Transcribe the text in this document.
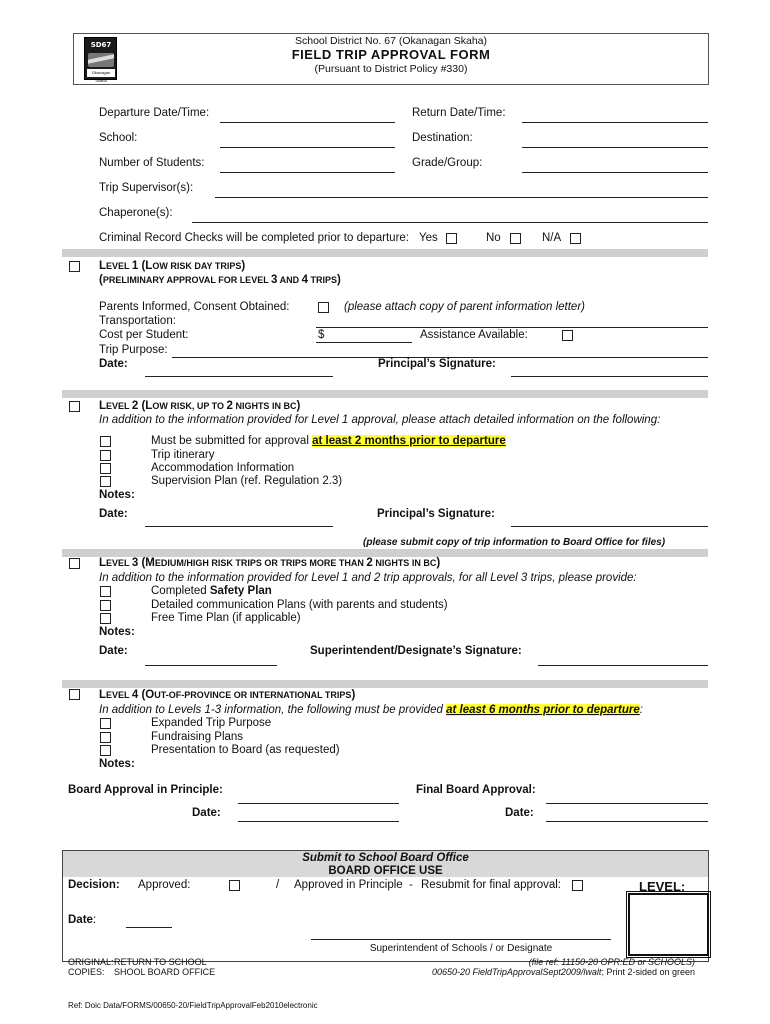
SD67
Okanagan Skaha
School District No. 67 (Okanagan Skaha)
FIELD TRIP APPROVAL FORM
(Pursuant to District Policy #330)
Departure Date/Time:	Return Date/Time:
School:	Destination:
Number of Students:	Grade/Group:
Trip Supervisor(s):
Chaperone(s):
Criminal Record Checks will be completed prior to departure: Yes	No	N/A
LEVEL 1 (LOW RISK DAY TRIPS)
(PRELIMINARY APPROVAL FOR LEVEL 3 AND 4 TRIPS)
Parents Informed, Consent Obtained:	(please attach copy of parent information letter)
Transportation:
Cost per Student:	$	Assistance Available:
Trip Purpose:
Date:	Principal’s Signature:
LEVEL 2 (LOW RISK, UP TO 2 NIGHTS IN BC)
In addition to the information provided for Level 1 approval, please attach detailed information on the following:
Must be submitted for approval at least 2 months prior to departure
Trip itinerary
Accommodation Information
Supervision Plan (ref. Regulation 2.3)
Notes:
Date:	Principal’s Signature:
(please submit copy of trip information to Board Office for files)
LEVEL 3 (MEDIUM/HIGH RISK TRIPS OR TRIPS MORE THAN 2 NIGHTS IN BC)
In addition to the information provided for Level 1 and 2 trip approvals, for all Level 3 trips, please provide:
Completed Safety Plan
Detailed communication Plans (with parents and students)
Free Time Plan (if applicable)
Notes:
Date:	Superintendent/Designate’s Signature:
LEVEL 4 (OUT-OF-PROVINCE OR INTERNATIONAL TRIPS)
In addition to Levels 1-3 information, the following must be provided at least 6 months prior to departure:
Expanded Trip Purpose
Fundraising Plans
Presentation to Board (as requested)
Notes:
Board Approval in Principle:	Final Board Approval:
Date:	Date:
Submit to School Board Office
BOARD OFFICE USE
Decision: Approved:	/ Approved in Principle - Resubmit for final approval:	LEVEL:
Date:
Superintendent of Schools / or Designate
ORIGINAL: RETURN TO SCHOOL
COPIES: SHOOL BOARD OFFICE
(file ref: 11150-20 OPR:ED or SCHOOLS)
00650-20 FieldTripApprovalSept2009/lwalt; Print 2-sided on green
Ref: Doic Data/FORMS/00650-20/FieldTripApprovalFeb2010electronic
